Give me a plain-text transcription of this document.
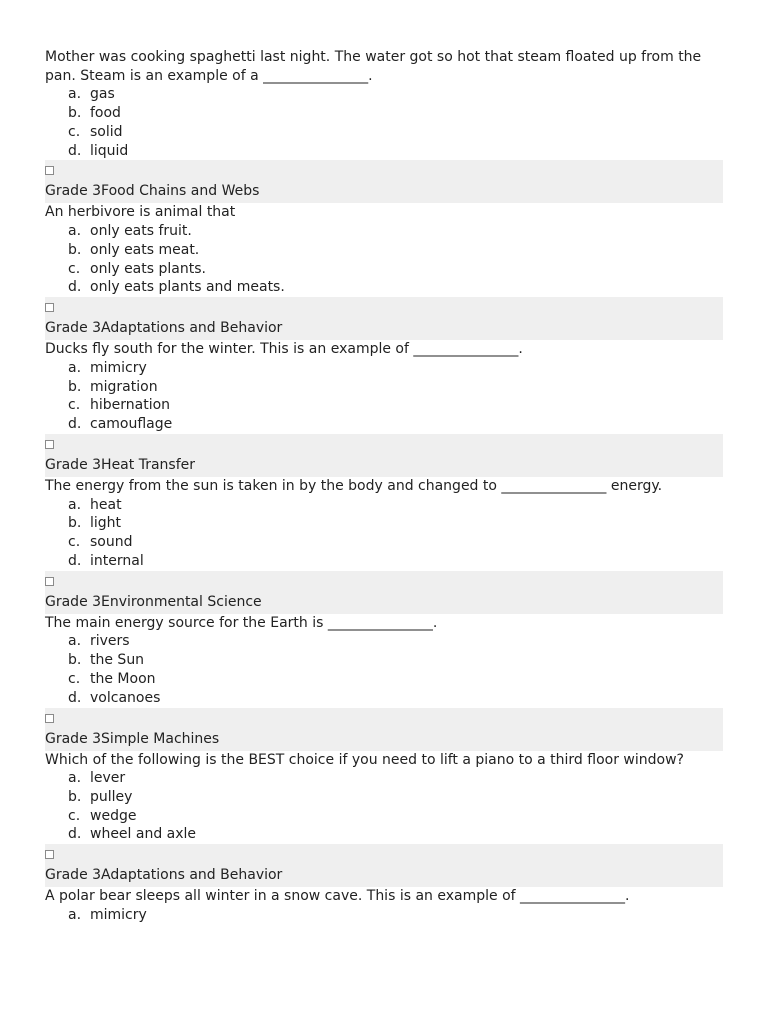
Mother was cooking spaghetti last night. The water got so hot that steam floated up from the pan. Steam is an example of a _______________.
a. gas
b. food
c. solid
d. liquid
Grade 3Food Chains and Webs
An herbivore is animal that
a. only eats fruit.
b. only eats meat.
c. only eats plants.
d. only eats plants and meats.
Grade 3Adaptations and Behavior
Ducks fly south for the winter. This is an example of _______________.
a. mimicry
b. migration
c. hibernation
d. camouflage
Grade 3Heat Transfer
The energy from the sun is taken in by the body and changed to _______________ energy.
a. heat
b. light
c. sound
d. internal
Grade 3Environmental Science
The main energy source for the Earth is _______________.
a. rivers
b. the Sun
c. the Moon
d. volcanoes
Grade 3Simple Machines
Which of the following is the BEST choice if you need to lift a piano to a third floor window?
a. lever
b. pulley
c. wedge
d. wheel and axle
Grade 3Adaptations and Behavior
A polar bear sleeps all winter in a snow cave. This is an example of _______________.
a. mimicry
